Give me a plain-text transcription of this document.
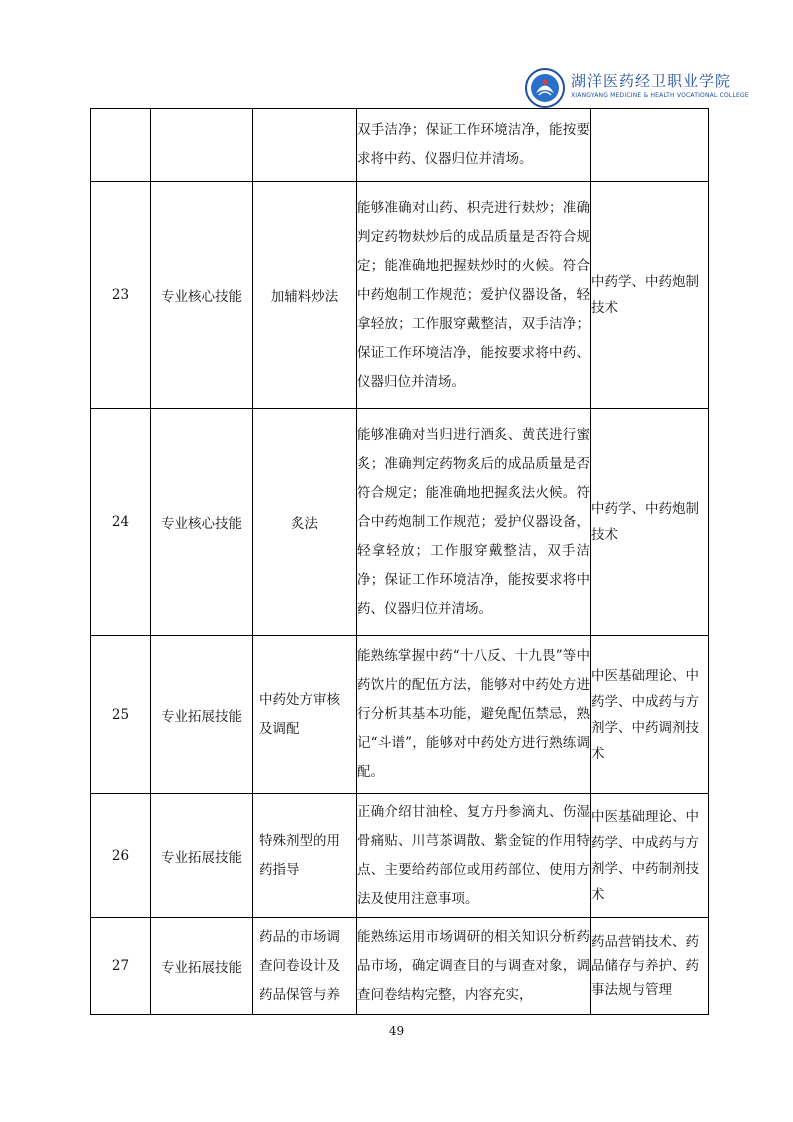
湖洋医药经卫职业学院
XIANGYANG MEDICINE & HEALTH VOCATIONAL COLLEGE
			双手洁净；保证工作环境洁净，能按要求将中药、仪器归位并清场。	
23	专业核心技能	加辅料炒法	能够准确对山药、枳壳进行麸炒；准确判定药物麸炒后的成品质量是否符合规定；能准确地把握麸炒时的火候。符合中药炮制工作规范；爱护仪器设备，轻拿轻放；工作服穿戴整洁，双手洁净；保证工作环境洁净，能按要求将中药、仪器归位并清场。	中药学、中药炮制技术
24	专业核心技能	炙法	能够准确对当归进行酒炙、黄芪进行蜜炙；准确判定药物炙后的成品质量是否符合规定；能准确地把握炙法火候。符合中药炮制工作规范；爱护仪器设备，轻拿轻放；工作服穿戴整洁，双手洁净；保证工作环境洁净，能按要求将中药、仪器归位并清场。	中药学、中药炮制技术
25	专业拓展技能	中药处方审核及调配	能熟练掌握中药“十八反、十九畏”等中药饮片的配伍方法，能够对中药处方进行分析其基本功能，避免配伍禁忌，熟记“斗谱”，能够对中药处方进行熟练调配。	中医基础理论、中药学、中成药与方剂学、中药调剂技术
26	专业拓展技能	特殊剂型的用药指导	正确介绍甘油栓、复方丹参滴丸、伤湿骨痛贴、川芎茶调散、紫金锭的作用特点、主要给药部位或用药部位、使用方法及使用注意事项。	中医基础理论、中药学、中成药与方剂学、中药制剂技术
27	专业拓展技能	药品的市场调查问卷设计及药品保管与养	能熟练运用市场调研的相关知识分析药品市场，确定调查目的与调查对象，调查问卷结构完整，内容充实，	药品营销技术、药品储存与养护、药事法规与管理
49
